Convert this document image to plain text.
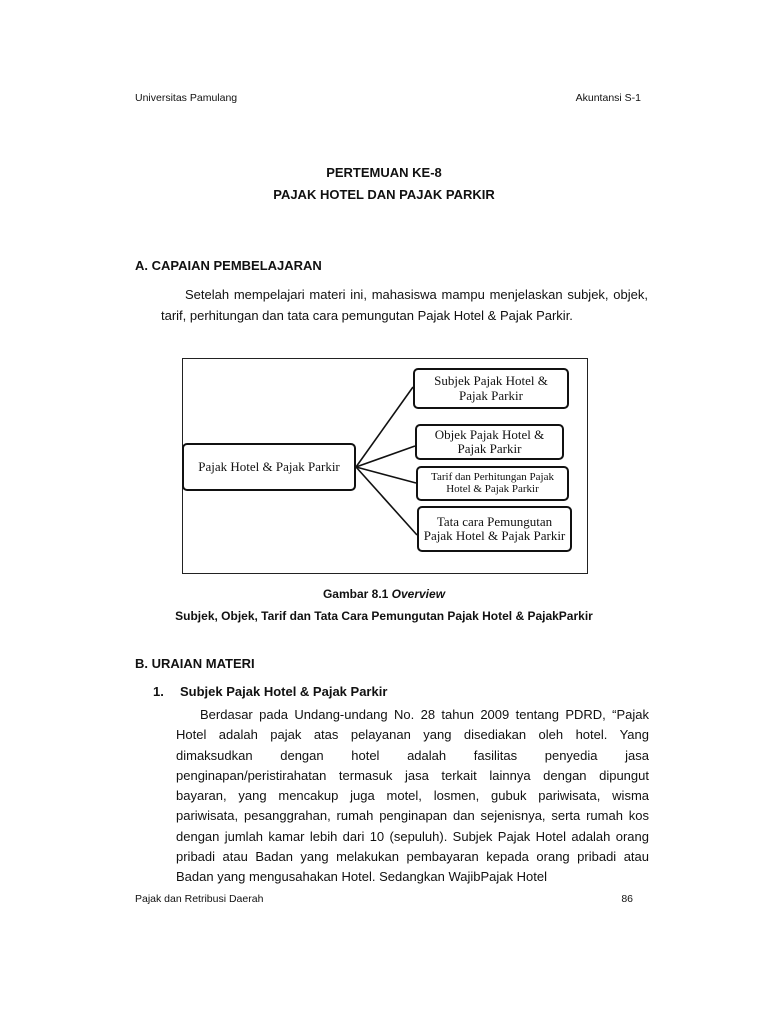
Universitas Pamulang	Akuntansi S-1
PERTEMUAN KE-8
PAJAK HOTEL DAN PAJAK PARKIR
A. CAPAIAN PEMBELAJARAN

Setelah mempelajari materi ini, mahasiswa mampu menjelaskan subjek, objek, tarif, perhitungan dan tata cara pemungutan Pajak Hotel & Pajak Parkir.

Pajak Hotel & Pajak Parkir
Subjek Pajak Hotel &
Pajak Parkir
Objek Pajak Hotel &
Pajak Parkir
Tarif dan Perhitungan Pajak
Hotel & Pajak Parkir
Tata cara Pemungutan
Pajak Hotel & Pajak Parkir
Gambar 8.1 Overview
Subjek, Objek, Tarif dan Tata Cara Pemungutan Pajak Hotel & PajakParkir
B. URAIAN MATERI
1. Subjek Pajak Hotel & Pajak Parkir

Berdasar pada Undang-undang No. 28 tahun 2009 tentang PDRD, “Pajak Hotel adalah pajak atas pelayanan yang disediakan oleh hotel. Yang dimaksudkan dengan hotel adalah fasilitas penyedia jasa penginapan/peristirahatan termasuk jasa terkait lainnya dengan dipungut bayaran, yang mencakup juga motel, losmen, gubuk pariwisata, wisma pariwisata, pesanggrahan, rumah penginapan dan sejenisnya, serta rumah kos dengan jumlah kamar lebih dari 10 (sepuluh). Subjek Pajak Hotel adalah orang pribadi atau Badan yang melakukan pembayaran kepada orang pribadi atau Badan yang mengusahakan Hotel. Sedangkan WajibPajak Hotel

Pajak dan Retribusi Daerah	86
